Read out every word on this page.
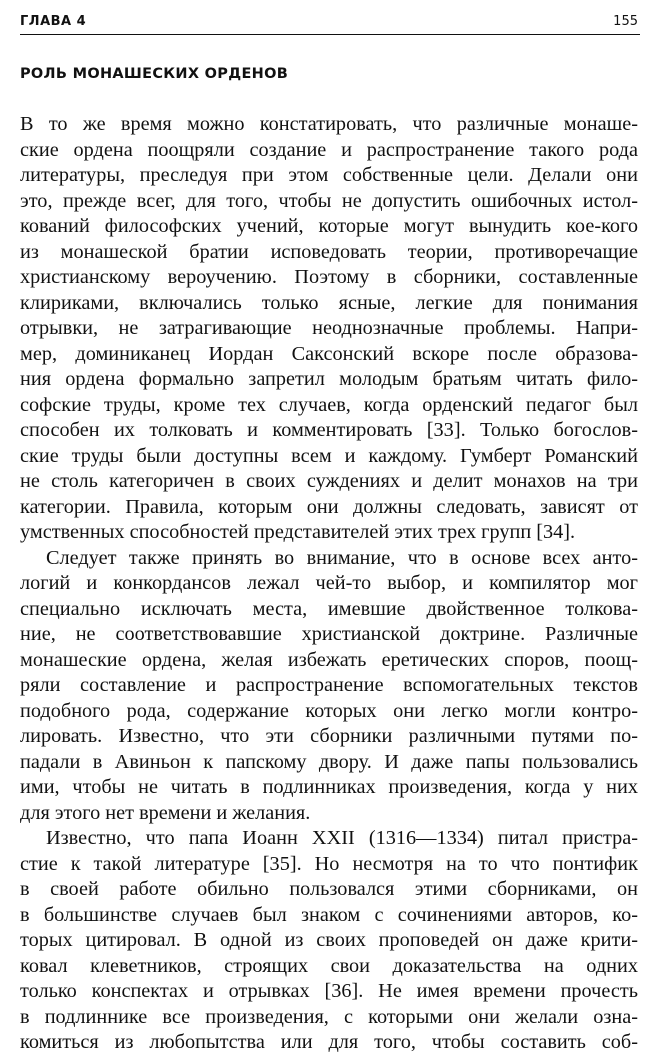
ГЛАВА 4	155
РОЛЬ МОНАШЕСКИХ ОРДЕНОВ
В то же время можно констатировать, что различные монаше-
ские ордена поощряли создание и распространение такого рода
литературы, преследуя при этом собственные цели. Делали они
это, прежде всег, для того, чтобы не допустить ошибочных истол-
кований философских учений, которые могут вынудить кое-кого
из монашеской братии исповедовать теории, противоречащие
христианскому вероучению. Поэтому в сборники, составленные
клириками, включались только ясные, легкие для понимания
отрывки, не затрагивающие неоднозначные проблемы. Напри-
мер, доминиканец Иордан Саксонский вскоре после образова-
ния ордена формально запретил молодым братьям читать фило-
софские труды, кроме тех случаев, когда орденский педагог был
способен их толковать и комментировать [33]. Только богослов-
ские труды были доступны всем и каждому. Гумберт Романский
не столь категоричен в своих суждениях и делит монахов на три
категории. Правила, которым они должны следовать, зависят от
умственных способностей представителей этих трех групп [34].
Следует также принять во внимание, что в основе всех анто-
логий и конкордансов лежал чей-то выбор, и компилятор мог
специально исключать места, имевшие двойственное толкова-
ние, не соответствовавшие христианской доктрине. Различные
монашеские ордена, желая избежать еретических споров, поощ-
ряли составление и распространение вспомогательных текстов
подобного рода, содержание которых они легко могли контро-
лировать. Известно, что эти сборники различными путями по-
падали в Авиньон к папскому двору. И даже папы пользовались
ими, чтобы не читать в подлинниках произведения, когда у них
для этого нет времени и желания.
Известно, что папа Иоанн XXII (1316—1334) питал пристра-
стие к такой литературе [35]. Но несмотря на то что понтифик
в своей работе обильно пользовался этими сборниками, он
в большинстве случаев был знаком с сочинениями авторов, ко-
торых цитировал. В одной из своих проповедей он даже крити-
ковал клеветников, строящих свои доказательства на одних
только конспектах и отрывках [36]. Не имея времени прочесть
в подлиннике все произведения, с которыми они желали озна-
комиться из любопытства или для того, чтобы составить соб-
